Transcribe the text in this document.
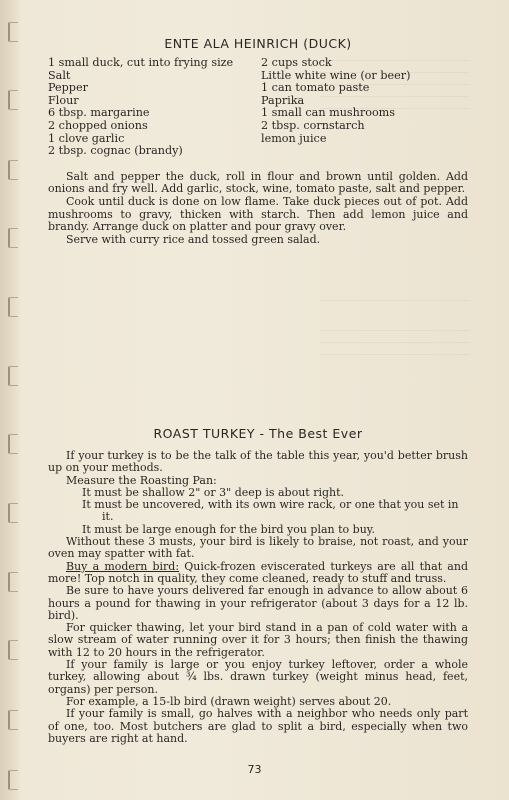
ENTE ALA HEINRICH (DUCK)
1 small duck, cut into frying size
Salt
Pepper
Flour
6 tbsp. margarine
2 chopped onions
1 clove garlic
2 tbsp. cognac (brandy)
2 cups stock
Little white wine (or beer)
1 can tomato paste
Paprika
1 small can mushrooms
2 tbsp. cornstarch
lemon juice

Salt and pepper the duck, roll in flour and brown until golden. Add onions and fry well. Add garlic, stock, wine, tomato paste, salt and pepper.

Cook until duck is done on low flame. Take duck pieces out of pot. Add mushrooms to gravy, thicken with starch. Then add lemon juice and brandy. Arrange duck on platter and pour gravy over.

Serve with curry rice and tossed green salad.

ROAST TURKEY - The Best Ever

If your turkey is to be the talk of the table this year, you'd better brush up on your methods.

Measure the Roasting Pan:

It must be shallow 2" or 3" deep is about right.

It must be uncovered, with its own wire rack, or one that you set in it.

It must be large enough for the bird you plan to buy.

Without these 3 musts, your bird is likely to braise, not roast, and your oven may spatter with fat.

Buy a modern bird: Quick-frozen eviscerated turkeys are all that and more! Top notch in quality, they come cleaned, ready to stuff and truss.

Be sure to have yours delivered far enough in advance to allow about 6 hours a pound for thawing in your refrigerator (about 3 days for a 12 lb. bird).

For quicker thawing, let your bird stand in a pan of cold water with a slow stream of water running over it for 3 hours; then finish the thawing with 12 to 20 hours in the refrigerator.

If your family is large or you enjoy turkey leftover, order a whole turkey, allowing about ¾ lbs. drawn turkey (weight minus head, feet, organs) per person.

For example, a 15-lb bird (drawn weight) serves about 20.

If your family is small, go halves with a neighbor who needs only part of one, too. Most butchers are glad to split a bird, especially when two buyers are right at hand.

73
